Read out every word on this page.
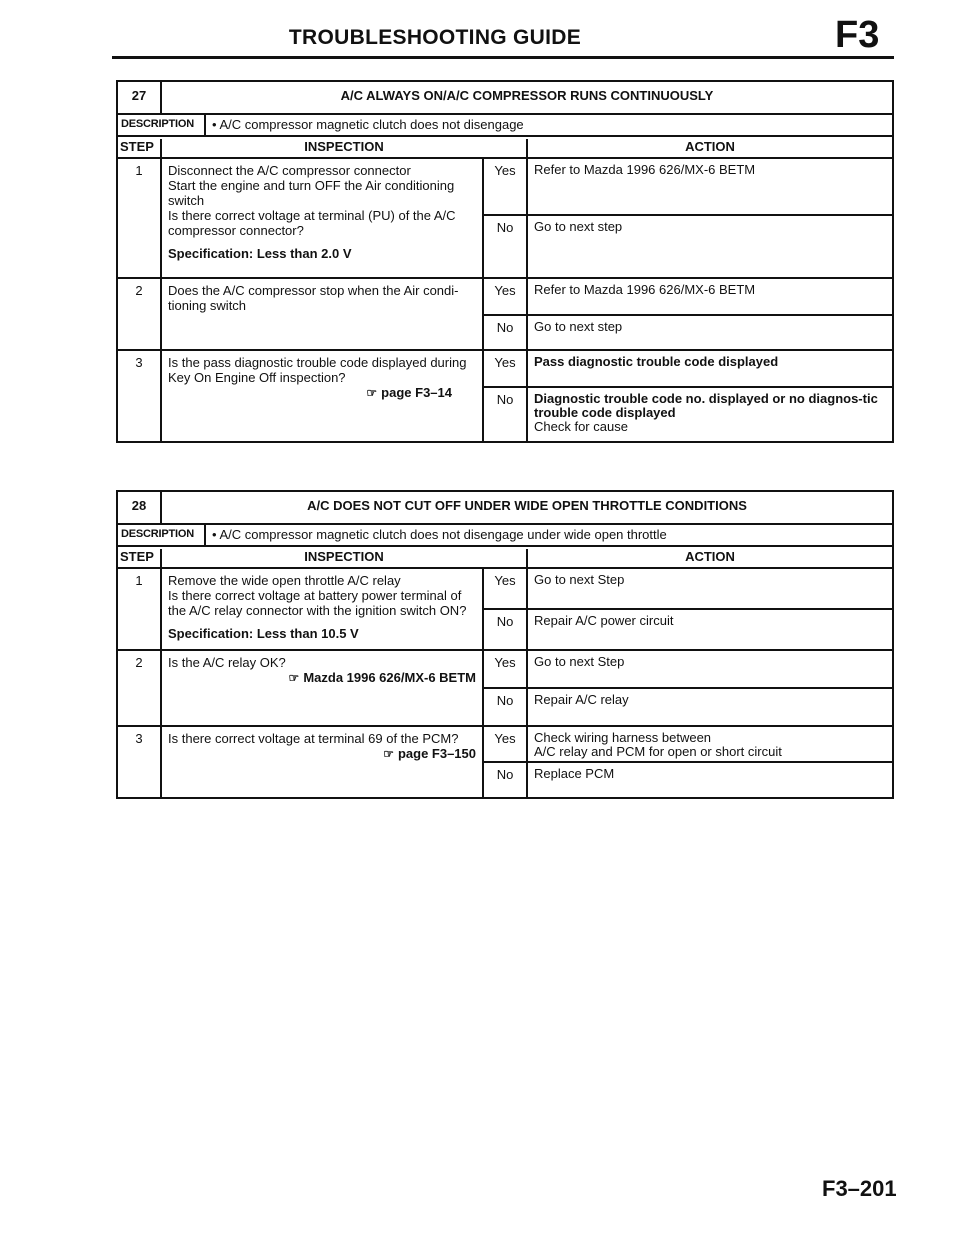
TROUBLESHOOTING GUIDE	F3
27	A/C ALWAYS ON/A/C COMPRESSOR RUNS CONTINUOUSLY
DESCRIPTION	• A/C compressor magnetic clutch does not disengage
STEP	INSPECTION	ACTION
1	Disconnect the A/C compressor connector
Start the engine and turn OFF the Air conditioning switch
Is there correct voltage at terminal (PU) of the A/C compressor connector?
Specification: Less than 2.0 V
Yes	Refer to Mazda 1996 626/MX-6 BETM
No	Go to next step
2	Does the A/C compressor stop when the Air condi-tioning switch
Yes	Refer to Mazda 1996 626/MX-6 BETM
No	Go to next step
3	Is the pass diagnostic trouble code displayed during Key On Engine Off inspection?
☞ page F3–14
Yes	Pass diagnostic trouble code displayed
No	Diagnostic trouble code no. displayed or no diagnos-tic trouble code displayed
Check for cause
28	A/C DOES NOT CUT OFF UNDER WIDE OPEN THROTTLE CONDITIONS
DESCRIPTION	• A/C compressor magnetic clutch does not disengage under wide open throttle
STEP	INSPECTION	ACTION
1	Remove the wide open throttle A/C relay
Is there correct voltage at battery power terminal of the A/C relay connector with the ignition switch ON?
Specification: Less than 10.5 V
Yes	Go to next Step
No	Repair A/C power circuit
2	Is the A/C relay OK?
☞ Mazda 1996 626/MX-6 BETM
Yes	Go to next Step
No	Repair A/C relay
3	Is there correct voltage at terminal 69 of the PCM?
☞ page F3–150
Yes	Check wiring harness between
A/C relay and PCM for open or short circuit
No	Replace PCM
F3–201
